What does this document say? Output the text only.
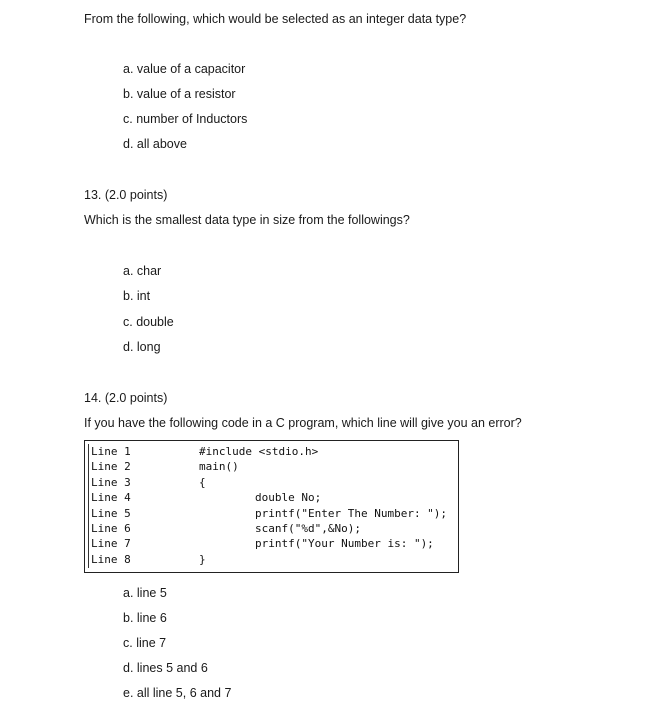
From the following, which would be selected as an integer data type?
a. value of a capacitor
b. value of a resistor
c. number of Inductors
d. all above
13. (2.0 points)
Which is the smallest data type in size from the followings?
a. char
b. int
c. double
d. long
14. (2.0 points)
If you have the following code in a C program, which line will give you an error?
Line 1
Line 2
Line 3
Line 4
Line 5
Line 6
Line 7
Line 8
#include <stdio.h>
main()
{
double No;
printf("Enter The Number: ");
scanf("%d",&No);
printf("Your Number is: ");
}
a. line 5
b. line 6
c. line 7
d. lines 5 and 6
e. all line 5, 6 and 7
